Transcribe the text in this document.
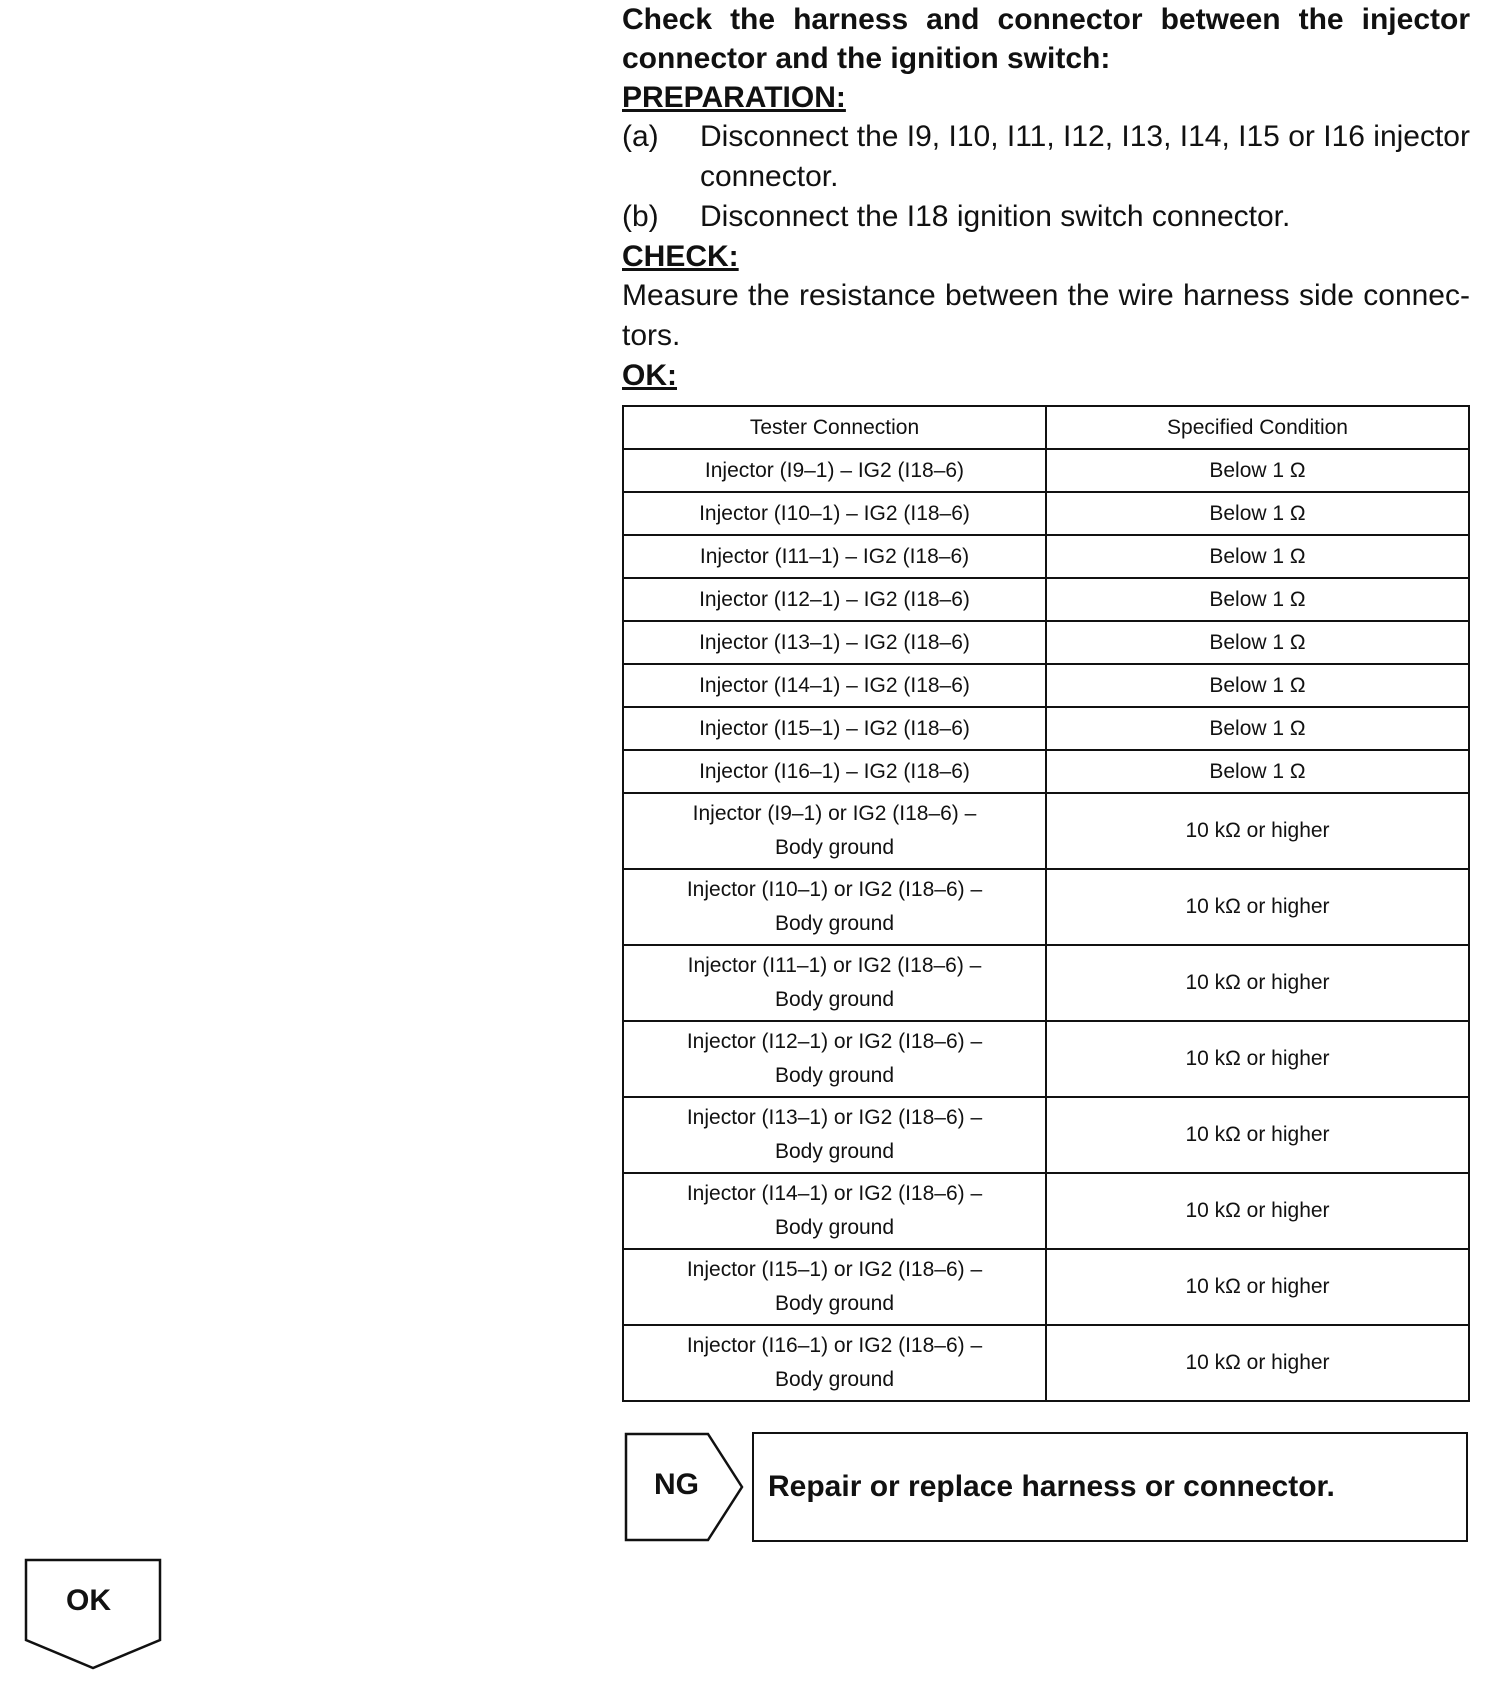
Check the harness and connector between the injector connector and the ignition switch:

PREPARATION:

(a)	Disconnect the I9, I10, I11, I12, I13, I14, I15 or I16 injector connector.
(b)	Disconnect the I18 ignition switch connector.

CHECK:

Measure the resistance between the wire harness side connec-tors.

OK:

Tester Connection	Specified Condition
Injector (I9–1) – IG2 (I18–6)	Below 1 Ω
Injector (I10–1) – IG2 (I18–6)	Below 1 Ω
Injector (I11–1) – IG2 (I18–6)	Below 1 Ω
Injector (I12–1) – IG2 (I18–6)	Below 1 Ω
Injector (I13–1) – IG2 (I18–6)	Below 1 Ω
Injector (I14–1) – IG2 (I18–6)	Below 1 Ω
Injector (I15–1) – IG2 (I18–6)	Below 1 Ω
Injector (I16–1) – IG2 (I18–6)	Below 1 Ω
Injector (I9–1) or IG2 (I18–6) –
Body ground	10 kΩ or higher
Injector (I10–1) or IG2 (I18–6) –
Body ground	10 kΩ or higher
Injector (I11–1) or IG2 (I18–6) –
Body ground	10 kΩ or higher
Injector (I12–1) or IG2 (I18–6) –
Body ground	10 kΩ or higher
Injector (I13–1) or IG2 (I18–6) –
Body ground	10 kΩ or higher
Injector (I14–1) or IG2 (I18–6) –
Body ground	10 kΩ or higher
Injector (I15–1) or IG2 (I18–6) –
Body ground	10 kΩ or higher
Injector (I16–1) or IG2 (I18–6) –
Body ground	10 kΩ or higher
NG Repair or replace harness or connector.
OK
